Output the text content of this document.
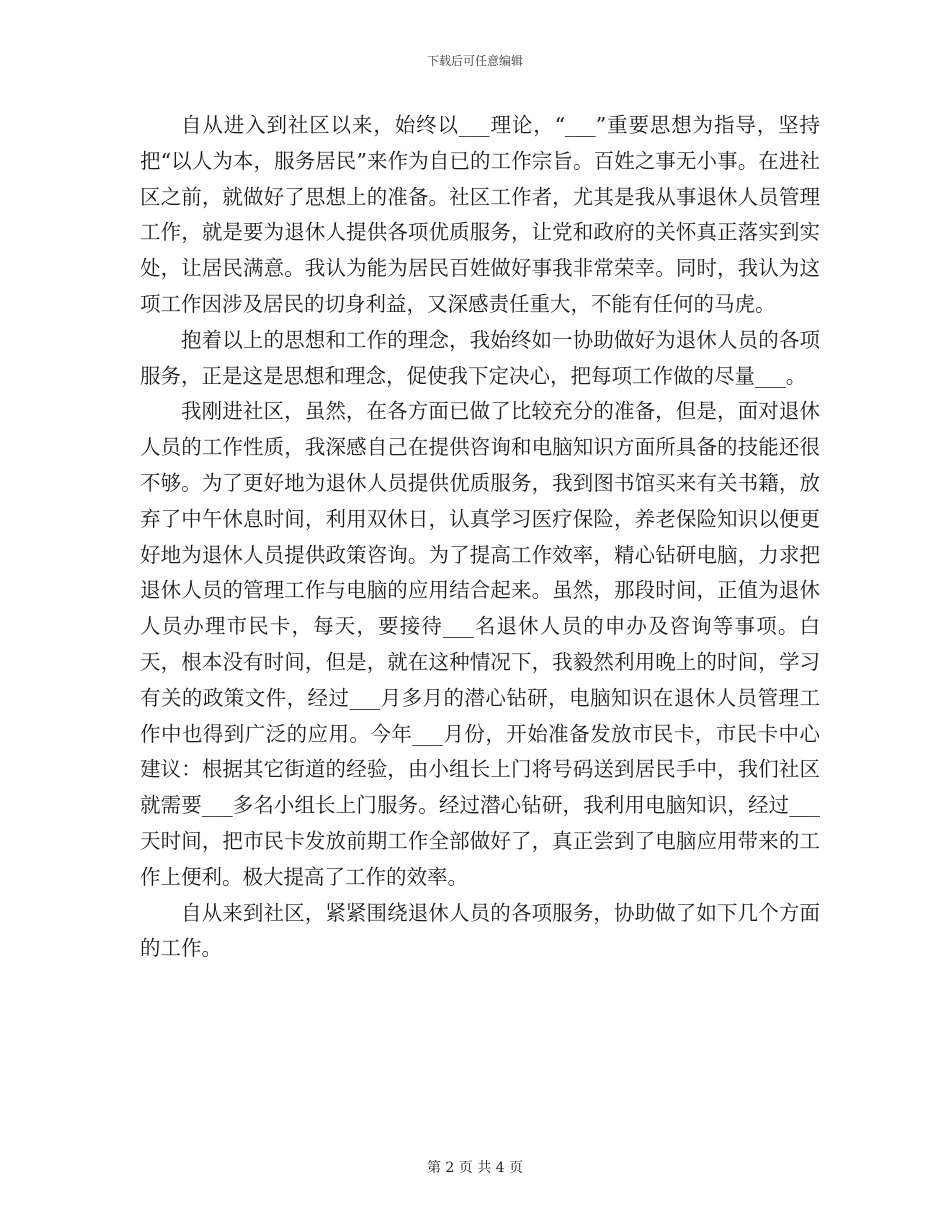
下载后可任意编辑

自从进入到社区以来，始终以___理论，“___”重要思想为指导，坚持把“以人为本，服务居民”来作为自已的工作宗旨。百姓之事无小事。在进社区之前，就做好了思想上的准备。社区工作者，尤其是我从事退休人员管理工作，就是要为退休人提供各项优质服务，让党和政府的关怀真正落实到实处，让居民满意。我认为能为居民百姓做好事我非常荣幸。同时，我认为这项工作因涉及居民的切身利益，又深感责任重大，不能有任何的马虎。

抱着以上的思想和工作的理念，我始终如一协助做好为退休人员的各项服务，正是这是思想和理念，促使我下定决心，把每项工作做的尽量___。

我刚进社区，虽然，在各方面已做了比较充分的准备，但是，面对退休人员的工作性质，我深感自己在提供咨询和电脑知识方面所具备的技能还很不够。为了更好地为退休人员提供优质服务，我到图书馆买来有关书籍，放弃了中午休息时间，利用双休日，认真学习医疗保险，养老保险知识以便更好地为退休人员提供政策咨询。为了提高工作效率，精心钻研电脑，力求把退休人员的管理工作与电脑的应用结合起来。虽然，那段时间，正值为退休人员办理市民卡，每天，要接待___名退休人员的申办及咨询等事项。白天，根本没有时间，但是，就在这种情况下，我毅然利用晚上的时间，学习有关的政策文件，经过___月多月的潜心钻研，电脑知识在退休人员管理工作中也得到广泛的应用。今年___月份，开始准备发放市民卡，市民卡中心建议：根据其它街道的经验，由小组长上门将号码送到居民手中，我们社区就需要___多名小组长上门服务。经过潜心钻研，我利用电脑知识，经过___天时间，把市民卡发放前期工作全部做好了，真正尝到了电脑应用带来的工作上便利。极大提高了工作的效率。

自从来到社区，紧紧围绕退休人员的各项服务，协助做了如下几个方面的工作。

第 2 页 共 4 页
